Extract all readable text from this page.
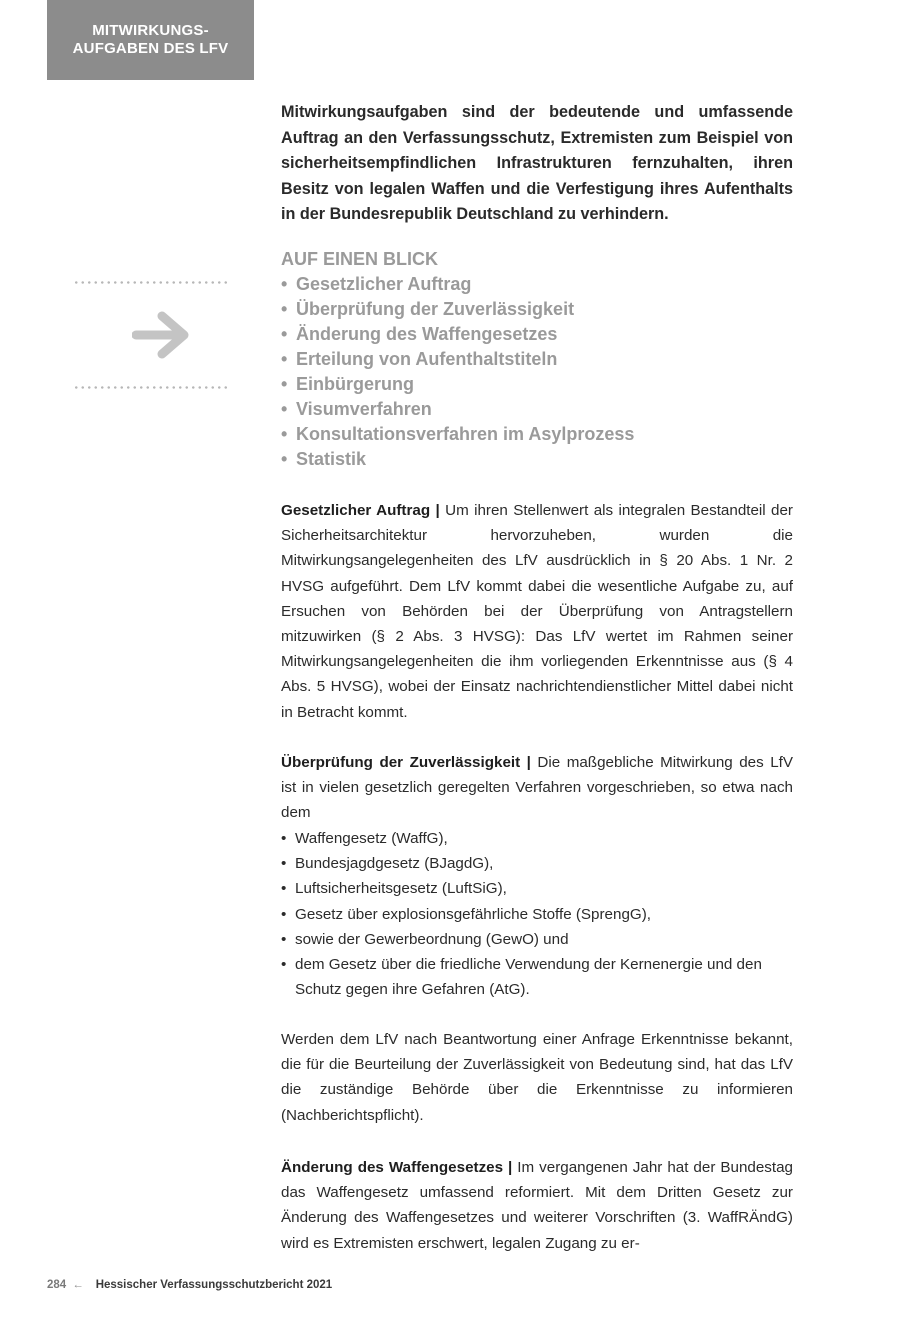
MITWIRKUNGS-
AUFGABEN DES LFV

Mitwirkungsaufgaben sind der bedeutende und umfassende Auftrag an den Verfassungsschutz, Extremisten zum Beispiel von sicherheitsempfindlichen Infrastrukturen fernzuhalten, ihren Besitz von legalen Waffen und die Verfestigung ihres Aufenthalts in der Bundesrepublik Deutschland zu verhindern.

AUF EINEN BLICK
• Gesetzlicher Auftrag
• Überprüfung der Zuverlässigkeit
• Änderung des Waffengesetzes
• Erteilung von Aufenthaltstiteln
• Einbürgerung
• Visumverfahren
• Konsultationsverfahren im Asylprozess
• Statistik

Gesetzlicher Auftrag | Um ihren Stellenwert als integralen Bestandteil der Sicherheitsarchitektur hervorzuheben, wurden die Mitwirkungsangelegenheiten des LfV ausdrücklich in § 20 Abs. 1 Nr. 2 HVSG aufgeführt. Dem LfV kommt dabei die wesentliche Aufgabe zu, auf Ersuchen von Behörden bei der Überprüfung von Antragstellern mitzuwirken (§ 2 Abs. 3 HVSG): Das LfV wertet im Rahmen seiner Mitwirkungsangelegenheiten die ihm vorliegenden Erkenntnisse aus (§ 4 Abs. 5 HVSG), wobei der Einsatz nachrichtendienstlicher Mittel dabei nicht in Betracht kommt.

Überprüfung der Zuverlässigkeit | Die maßgebliche Mitwirkung des LfV ist in vielen gesetzlich geregelten Verfahren vorgeschrieben, so etwa nach dem

• Waffengesetz (WaffG),
• Bundesjagdgesetz (BJagdG),
• Luftsicherheitsgesetz (LuftSiG),
• Gesetz über explosionsgefährliche Stoffe (SprengG),
• sowie der Gewerbeordnung (GewO) und
• dem Gesetz über die friedliche Verwendung der Kernenergie und den Schutz gegen ihre Gefahren (AtG).

Werden dem LfV nach Beantwortung einer Anfrage Erkenntnisse bekannt, die für die Beurteilung der Zuverlässigkeit von Bedeutung sind, hat das LfV die zuständige Behörde über die Erkenntnisse zu informieren (Nachberichtspflicht).

Änderung des Waffengesetzes | Im vergangenen Jahr hat der Bundestag das Waffengesetz umfassend reformiert. Mit dem Dritten Gesetz zur Änderung des Waffengesetzes und weiterer Vorschriften (3. WaffRÄndG) wird es Extremisten erschwert, legalen Zugang zu er-

284 ← Hessischer Verfassungsschutzbericht 2021
